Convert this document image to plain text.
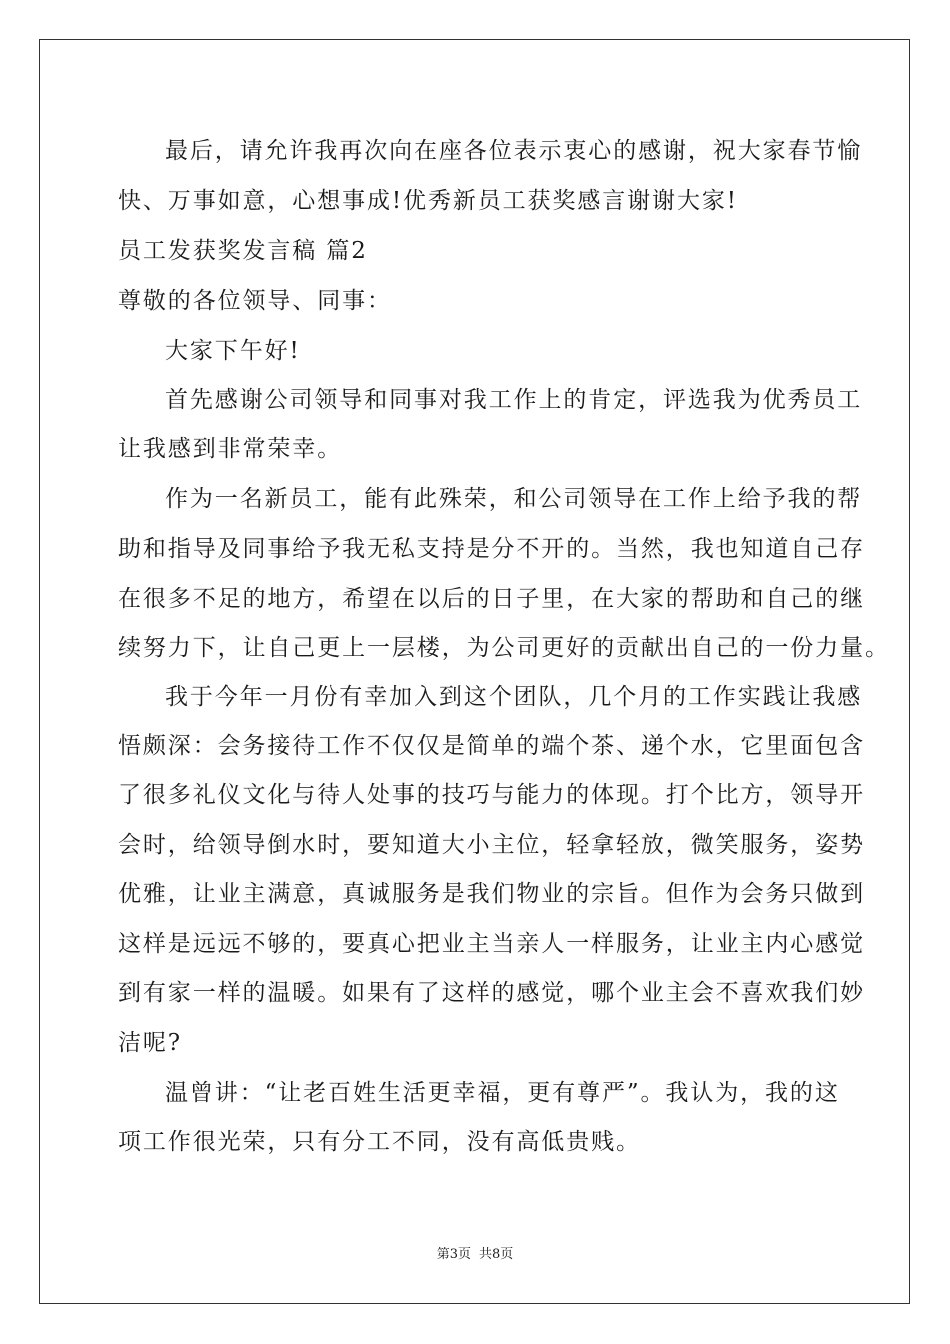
最后，请允许我再次向在座各位表示衷心的感谢，祝大家春节愉
快、万事如意，心想事成!优秀新员工获奖感言谢谢大家!
员工发获奖发言稿 篇2
尊敬的各位领导、同事：
大家下午好!
首先感谢公司领导和同事对我工作上的肯定，评选我为优秀员工
让我感到非常荣幸。
作为一名新员工，能有此殊荣，和公司领导在工作上给予我的帮
助和指导及同事给予我无私支持是分不开的。当然，我也知道自己存
在很多不足的地方，希望在以后的日子里，在大家的帮助和自己的继
续努力下，让自己更上一层楼，为公司更好的贡献出自己的一份力量。
我于今年一月份有幸加入到这个团队，几个月的工作实践让我感
悟颇深：会务接待工作不仅仅是简单的端个茶、递个水，它里面包含
了很多礼仪文化与待人处事的技巧与能力的体现。打个比方，领导开
会时，给领导倒水时，要知道大小主位，轻拿轻放，微笑服务，姿势
优雅，让业主满意，真诚服务是我们物业的宗旨。但作为会务只做到
这样是远远不够的，要真心把业主当亲人一样服务，让业主内心感觉
到有家一样的温暖。如果有了这样的感觉，哪个业主会不喜欢我们妙
洁呢?
温曾讲：“让老百姓生活更幸福，更有尊严”。我认为，我的这
项工作很光荣，只有分工不同，没有高低贵贱。
第3页 共8页
